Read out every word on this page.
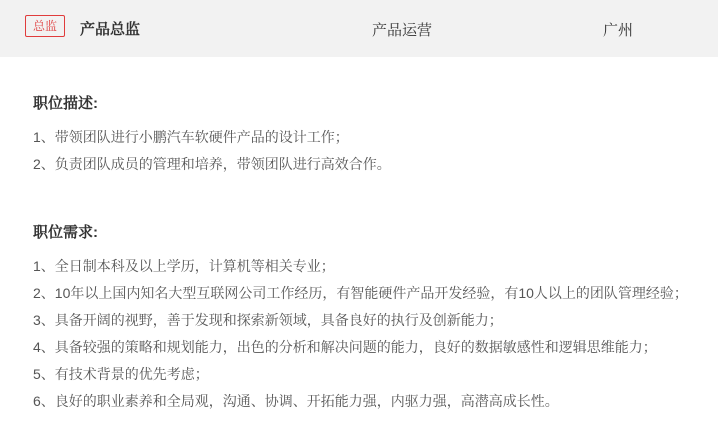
总监	产品总监	产品运营	广州
职位描述:
1、带领团队进行小鹏汽车软硬件产品的设计工作；
2、负责团队成员的管理和培养，带领团队进行高效合作。
职位需求:
1、全日制本科及以上学历，计算机等相关专业；
2、10年以上国内知名大型互联网公司工作经历，有智能硬件产品开发经验，有10人以上的团队管理经验；
3、具备开阔的视野，善于发现和探索新领域，具备良好的执行及创新能力；
4、具备较强的策略和规划能力，出色的分析和解决问题的能力，良好的数据敏感性和逻辑思维能力；
5、有技术背景的优先考虑；
6、良好的职业素养和全局观，沟通、协调、开拓能力强，内驱力强，高潜高成长性。
